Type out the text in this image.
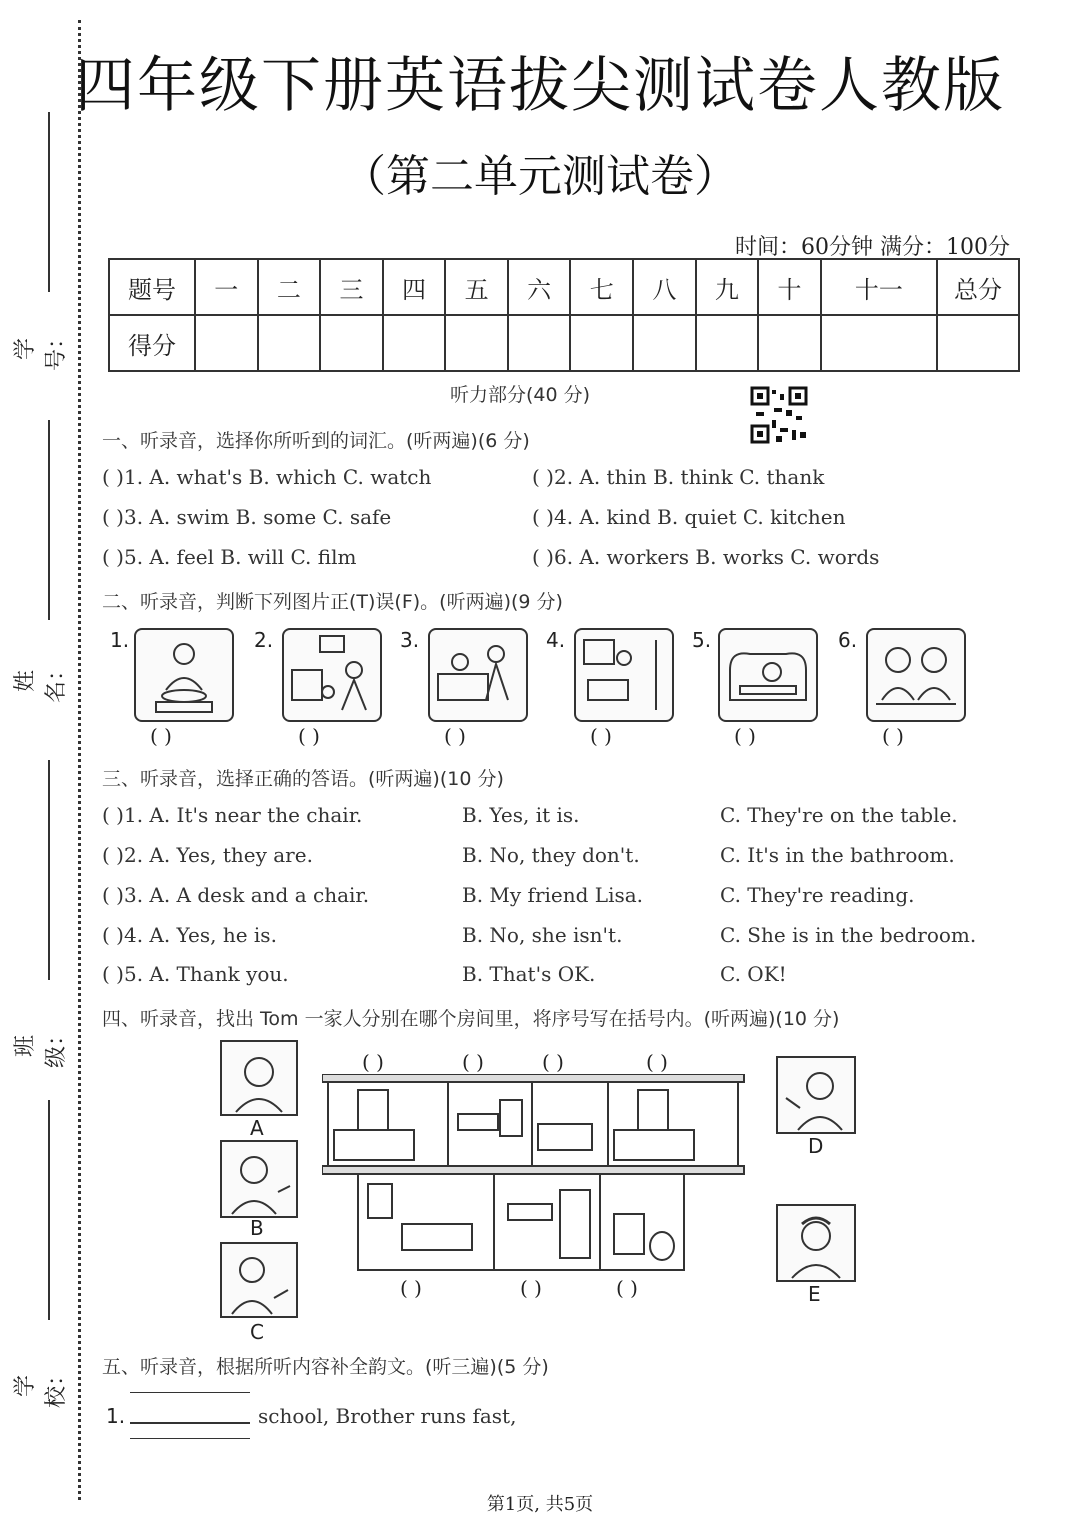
学号：
姓名：
班级：
学校：
四年级下册英语拔尖测试卷人教版
（第二单元测试卷）
时间：60分钟 满分：100分
题号	一	二	三	四	五	六	七	八	九	十	十一	总分
得分												
听力部分(40 分)
一、听录音，选择你所听到的词汇。(听两遍)(6 分)
( )1. A. what's B. which C. watch	( )2. A. thin B. think C. thank
( )3. A. swim B. some C. safe	( )4. A. kind B. quiet C. kitchen
( )5. A. feel B. will C. film	( )6. A. workers B. works C. words
二、听录音，判断下列图片正(T)误(F)。(听两遍)(9 分)
1.	2.	3.	4.	5.	6.
( )	( )	( )	( )	( )	( )
三、听录音，选择正确的答语。(听两遍)(10 分)
( )1. A. It's near the chair.	B. Yes, it is.	C. They're on the table.
( )2. A. Yes, they are.	B. No, they don't.	C. It's in the bathroom.
( )3. A. A desk and a chair.	B. My friend Lisa.	C. They're reading.
( )4. A. Yes, he is.	B. No, she isn't.	C. She is in the bedroom.
( )5. A. Thank you.	B. That's OK.	C. OK!
四、听录音，找出 Tom 一家人分别在哪个房间里，将序号写在括号内。(听两遍)(10 分)
A
B
C
D
E
( )	( )	( )	( )
( )	( )	( )
五、听录音，根据所听内容补全韵文。(听三遍)(5 分)
1.	school, Brother runs fast,
第1页, 共5页
